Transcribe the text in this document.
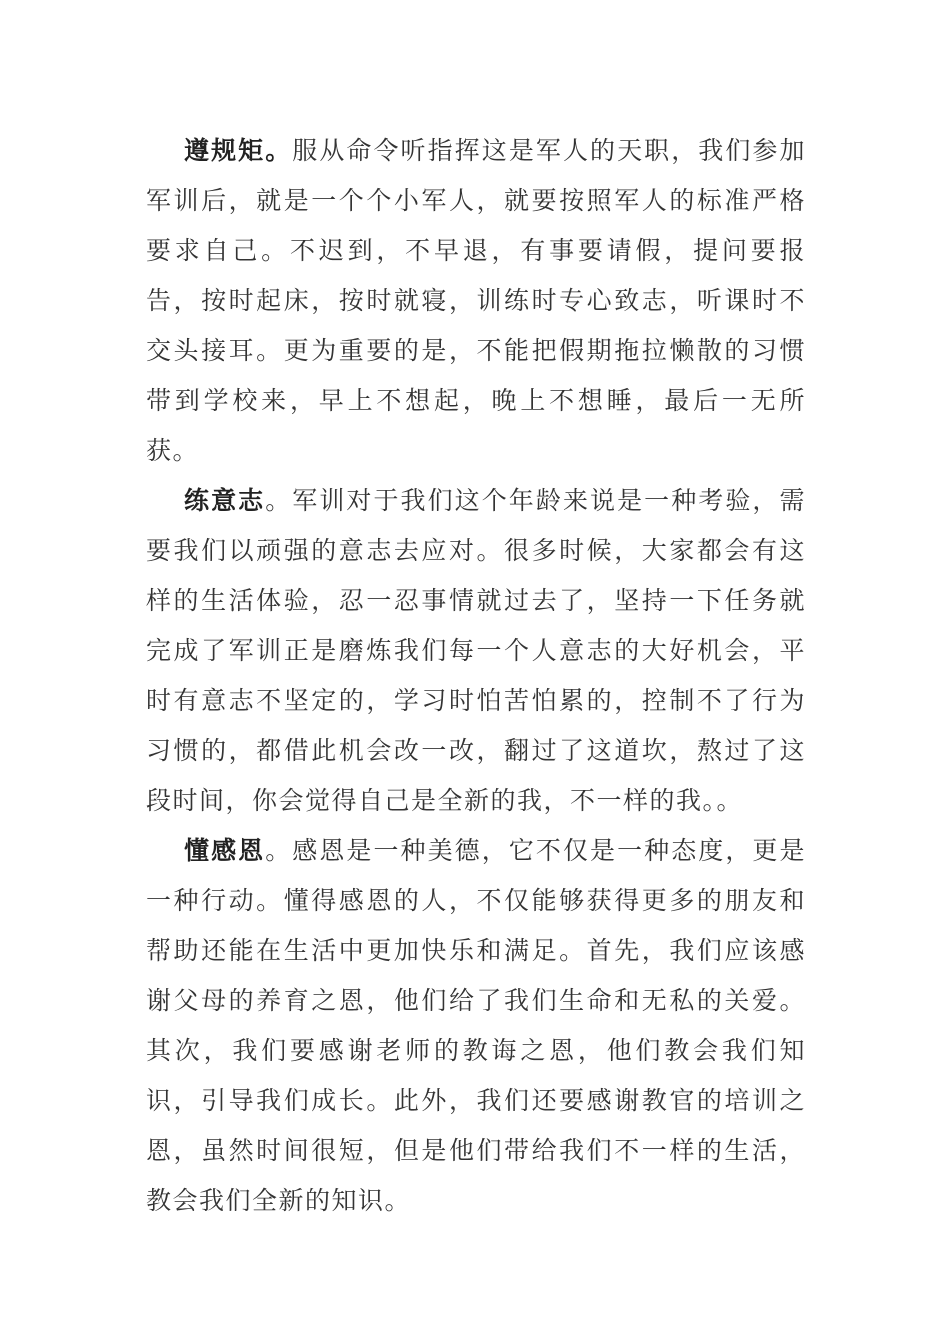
遵规矩。服从命令听指挥这是军人的天职，我们参加军训后，就是一个个小军人，就要按照军人的标准严格要求自己。不迟到，不早退，有事要请假，提问要报告，按时起床，按时就寝，训练时专心致志，听课时不交头接耳。更为重要的是，不能把假期拖拉懒散的习惯带到学校来，早上不想起，晚上不想睡，最后一无所获。

练意志。军训对于我们这个年龄来说是一种考验，需要我们以顽强的意志去应对。很多时候，大家都会有这样的生活体验，忍一忍事情就过去了，坚持一下任务就完成了军训正是磨炼我们每一个人意志的大好机会，平时有意志不坚定的，学习时怕苦怕累的，控制不了行为习惯的，都借此机会改一改，翻过了这道坎，熬过了这段时间，你会觉得自己是全新的我，不一样的我。。

懂感恩。感恩是一种美德，它不仅是一种态度，更是一种行动。懂得感恩的人，不仅能够获得更多的朋友和帮助还能在生活中更加快乐和满足。首先，我们应该感谢父母的养育之恩，他们给了我们生命和无私的关爱。其次，我们要感谢老师的教诲之恩，他们教会我们知识，引导我们成长。此外，我们还要感谢教官的培训之恩，虽然时间很短，但是他们带给我们不一样的生活，教会我们全新的知识。
